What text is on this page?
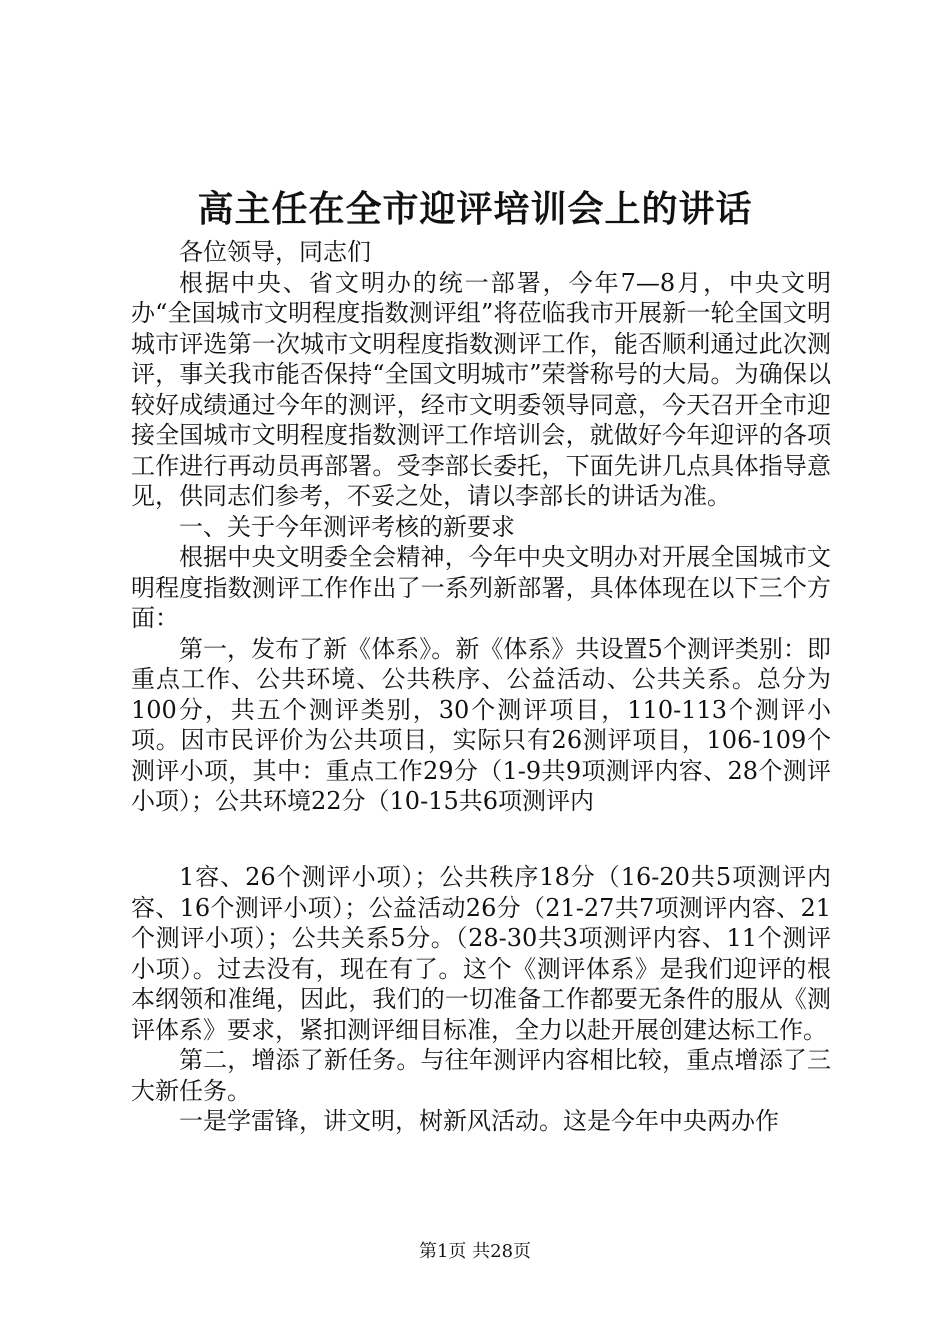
高主任在全市迎评培训会上的讲话

各位领导，同志们

根据中央、省文明办的统一部署，今年7—8月，中央文明办“全国城市文明程度指数测评组”将莅临我市开展新一轮全国文明城市评选第一次城市文明程度指数测评工作，能否顺利通过此次测评，事关我市能否保持“全国文明城市”荣誉称号的大局。为确保以较好成绩通过今年的测评，经市文明委领导同意，今天召开全市迎接全国城市文明程度指数测评工作培训会，就做好今年迎评的各项工作进行再动员再部署。受李部长委托，下面先讲几点具体指导意见，供同志们参考，不妥之处，请以李部长的讲话为准。

一、关于今年测评考核的新要求

根据中央文明委全会精神，今年中央文明办对开展全国城市文明程度指数测评工作作出了一系列新部署，具体体现在以下三个方面：

第一，发布了新《体系》。新《体系》共设置5个测评类别：即重点工作、公共环境、公共秩序、公益活动、公共关系。总分为100分，共五个测评类别，30个测评项目，110-113个测评小项。因市民评价为公共项目，实际只有26测评项目，106-109个测评小项，其中：重点工作29分（1-9共9项测评内容、28个测评小项）；公共环境22分（10-15共6项测评内

1容、26个测评小项）；公共秩序18分（16-20共5项测评内容、16个测评小项）；公益活动26分（21-27共7项测评内容、21个测评小项）；公共关系5分。（28-30共3项测评内容、11个测评小项）。过去没有，现在有了。这个《测评体系》是我们迎评的根本纲领和准绳，因此，我们的一切准备工作都要无条件的服从《测评体系》要求，紧扣测评细目标准，全力以赴开展创建达标工作。

第二，增添了新任务。与往年测评内容相比较，重点增添了三大新任务。

一是学雷锋，讲文明，树新风活动。这是今年中央两办作

第1页 共28页
